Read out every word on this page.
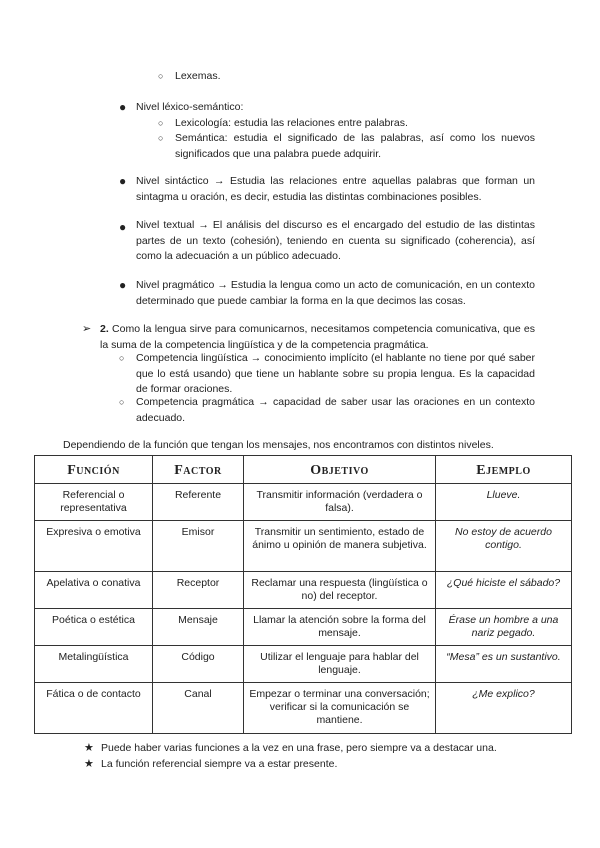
○ Lexemas.
● Nivel léxico-semántico:
○ Lexicología: estudia las relaciones entre palabras.
○ Semántica: estudia el significado de las palabras, así como los nuevos significados que una palabra puede adquirir.
● Nivel sintáctico → Estudia las relaciones entre aquellas palabras que forman un sintagma u oración, es decir, estudia las distintas combinaciones posibles.
● Nivel textual → El análisis del discurso es el encargado del estudio de las distintas partes de un texto (cohesión), teniendo en cuenta su significado (coherencia), así como la adecuación a un público adecuado.
● Nivel pragmático → Estudia la lengua como un acto de comunicación, en un contexto determinado que puede cambiar la forma en la que decimos las cosas.
➢ 2. Como la lengua sirve para comunicarnos, necesitamos competencia comunicativa, que es la suma de la competencia lingüística y de la competencia pragmática.
○ Competencia lingüística → conocimiento implícito (el hablante no tiene por qué saber que lo está usando) que tiene un hablante sobre su propia lengua. Es la capacidad de formar oraciones.
○ Competencia pragmática → capacidad de saber usar las oraciones en un contexto adecuado.
Dependiendo de la función que tengan los mensajes, nos encontramos con distintos niveles.
Función	Factor	Objetivo	Ejemplo
Referencial o representativa	Referente	Transmitir información (verdadera o falsa).	Llueve.
Expresiva o emotiva	Emisor	Transmitir un sentimiento, estado de ánimo u opinión de manera subjetiva.	No estoy de acuerdo contigo.
Apelativa o conativa	Receptor	Reclamar una respuesta (lingüística o no) del receptor.	¿Qué hiciste el sábado?
Poética o estética	Mensaje	Llamar la atención sobre la forma del mensaje.	Érase un hombre a una nariz pegado.
Metalingüística	Código	Utilizar el lenguaje para hablar del lenguaje.	“Mesa” es un sustantivo.
Fática o de contacto	Canal	Empezar o terminar una conversación; verificar si la comunicación se mantiene.	¿Me explico?
★ Puede haber varias funciones a la vez en una frase, pero siempre va a destacar una.
★ La función referencial siempre va a estar presente.
